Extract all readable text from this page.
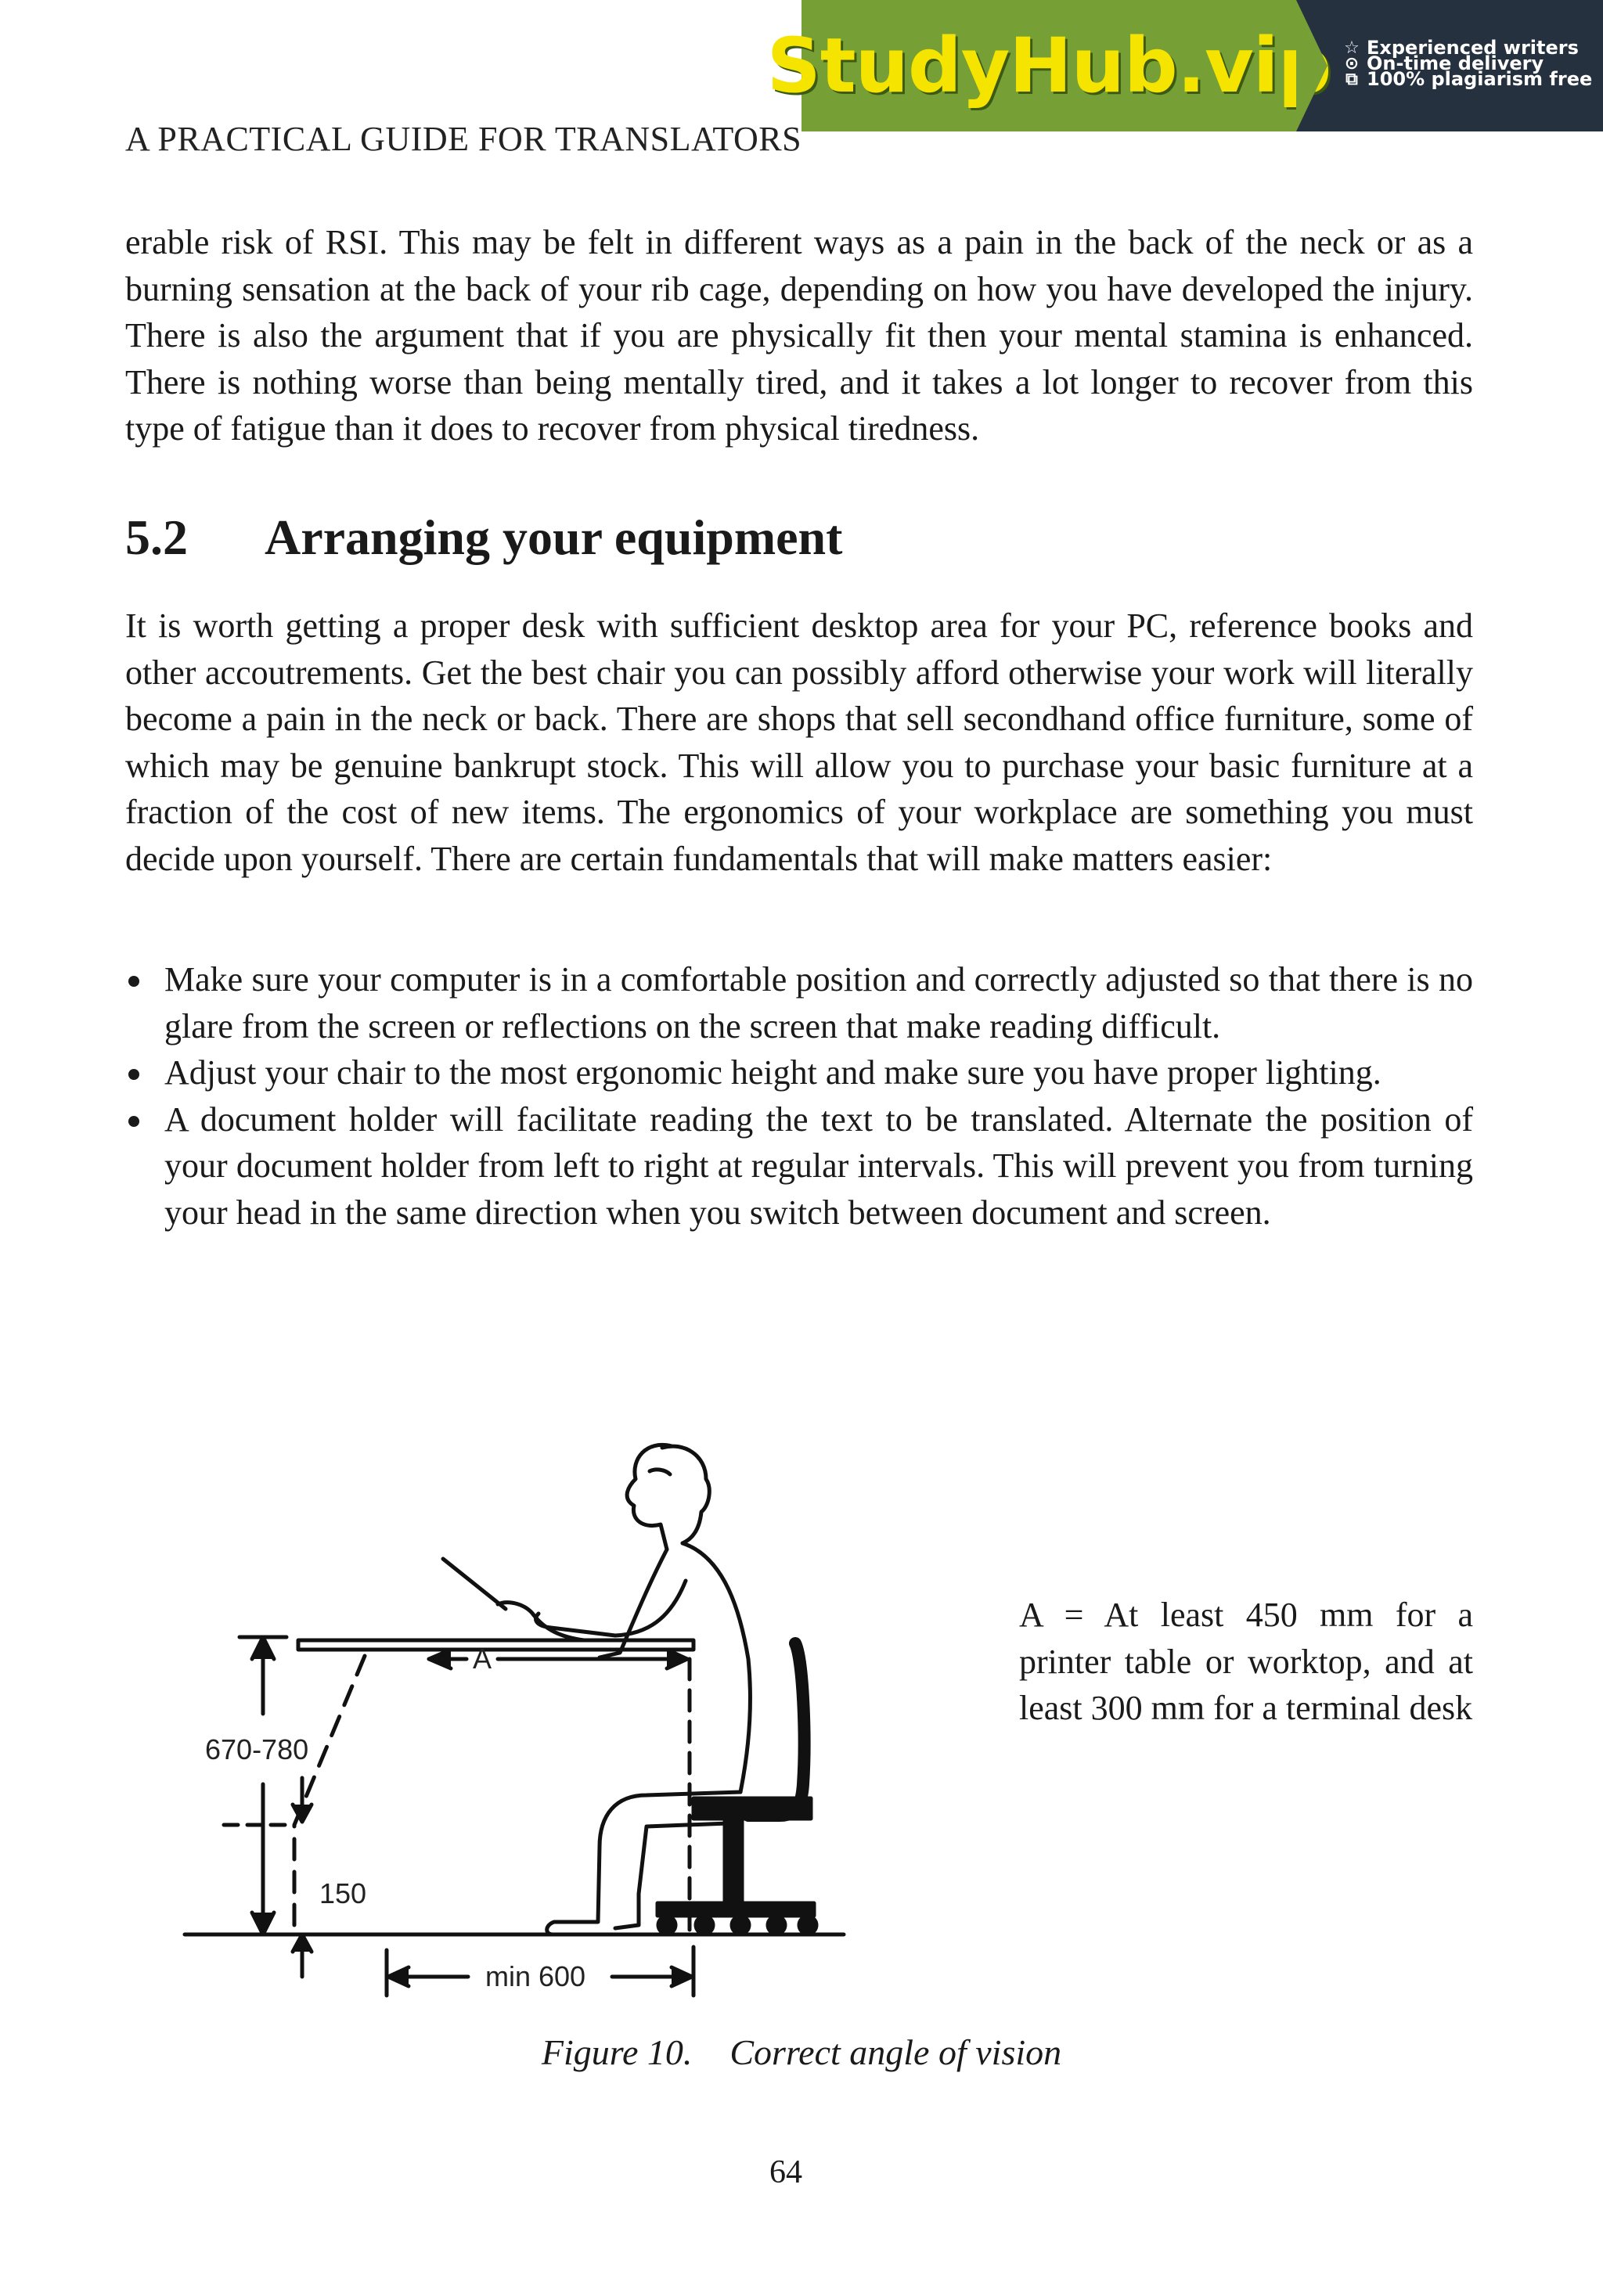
StudyHub.vip ☆ Experienced writers
⊙ On-time delivery
⧉ 100% plagiarism free
A PRACTICAL GUIDE FOR TRANSLATORS

erable risk of RSI. This may be felt in different ways as a pain in the back of the neck or as a burning sensation at the back of your rib cage, depending on how you have developed the injury. There is also the argument that if you are physically fit then your mental stamina is enhanced. There is nothing worse than being mentally tired, and it takes a lot longer to recover from this type of fatigue than it does to recover from physical tiredness.

5.2	Arranging your equipment

It is worth getting a proper desk with sufficient desktop area for your PC, reference books and other accoutrements. Get the best chair you can possibly afford otherwise your work will literally become a pain in the neck or back. There are shops that sell secondhand office furniture, some of which may be genuine bankrupt stock. This will allow you to purchase your basic furniture at a fraction of the cost of new items. The ergonomics of your workplace are something you must decide upon yourself. There are certain fundamentals that will make matters easier:

Make sure your computer is in a comfortable position and correctly adjusted so that there is no glare from the screen or reflections on the screen that make reading difficult.
Adjust your chair to the most ergonomic height and make sure you have proper lighting.
A document holder will facilitate reading the text to be translated. Alternate the position of your document holder from left to right at regular intervals. This will prevent you from turning your head in the same direction when you switch between document and screen.
A
670-780
150
min 600

A = At least 450 mm for a printer table or worktop, and at least 300 mm for a terminal desk

Figure 10. Correct angle of vision
64
